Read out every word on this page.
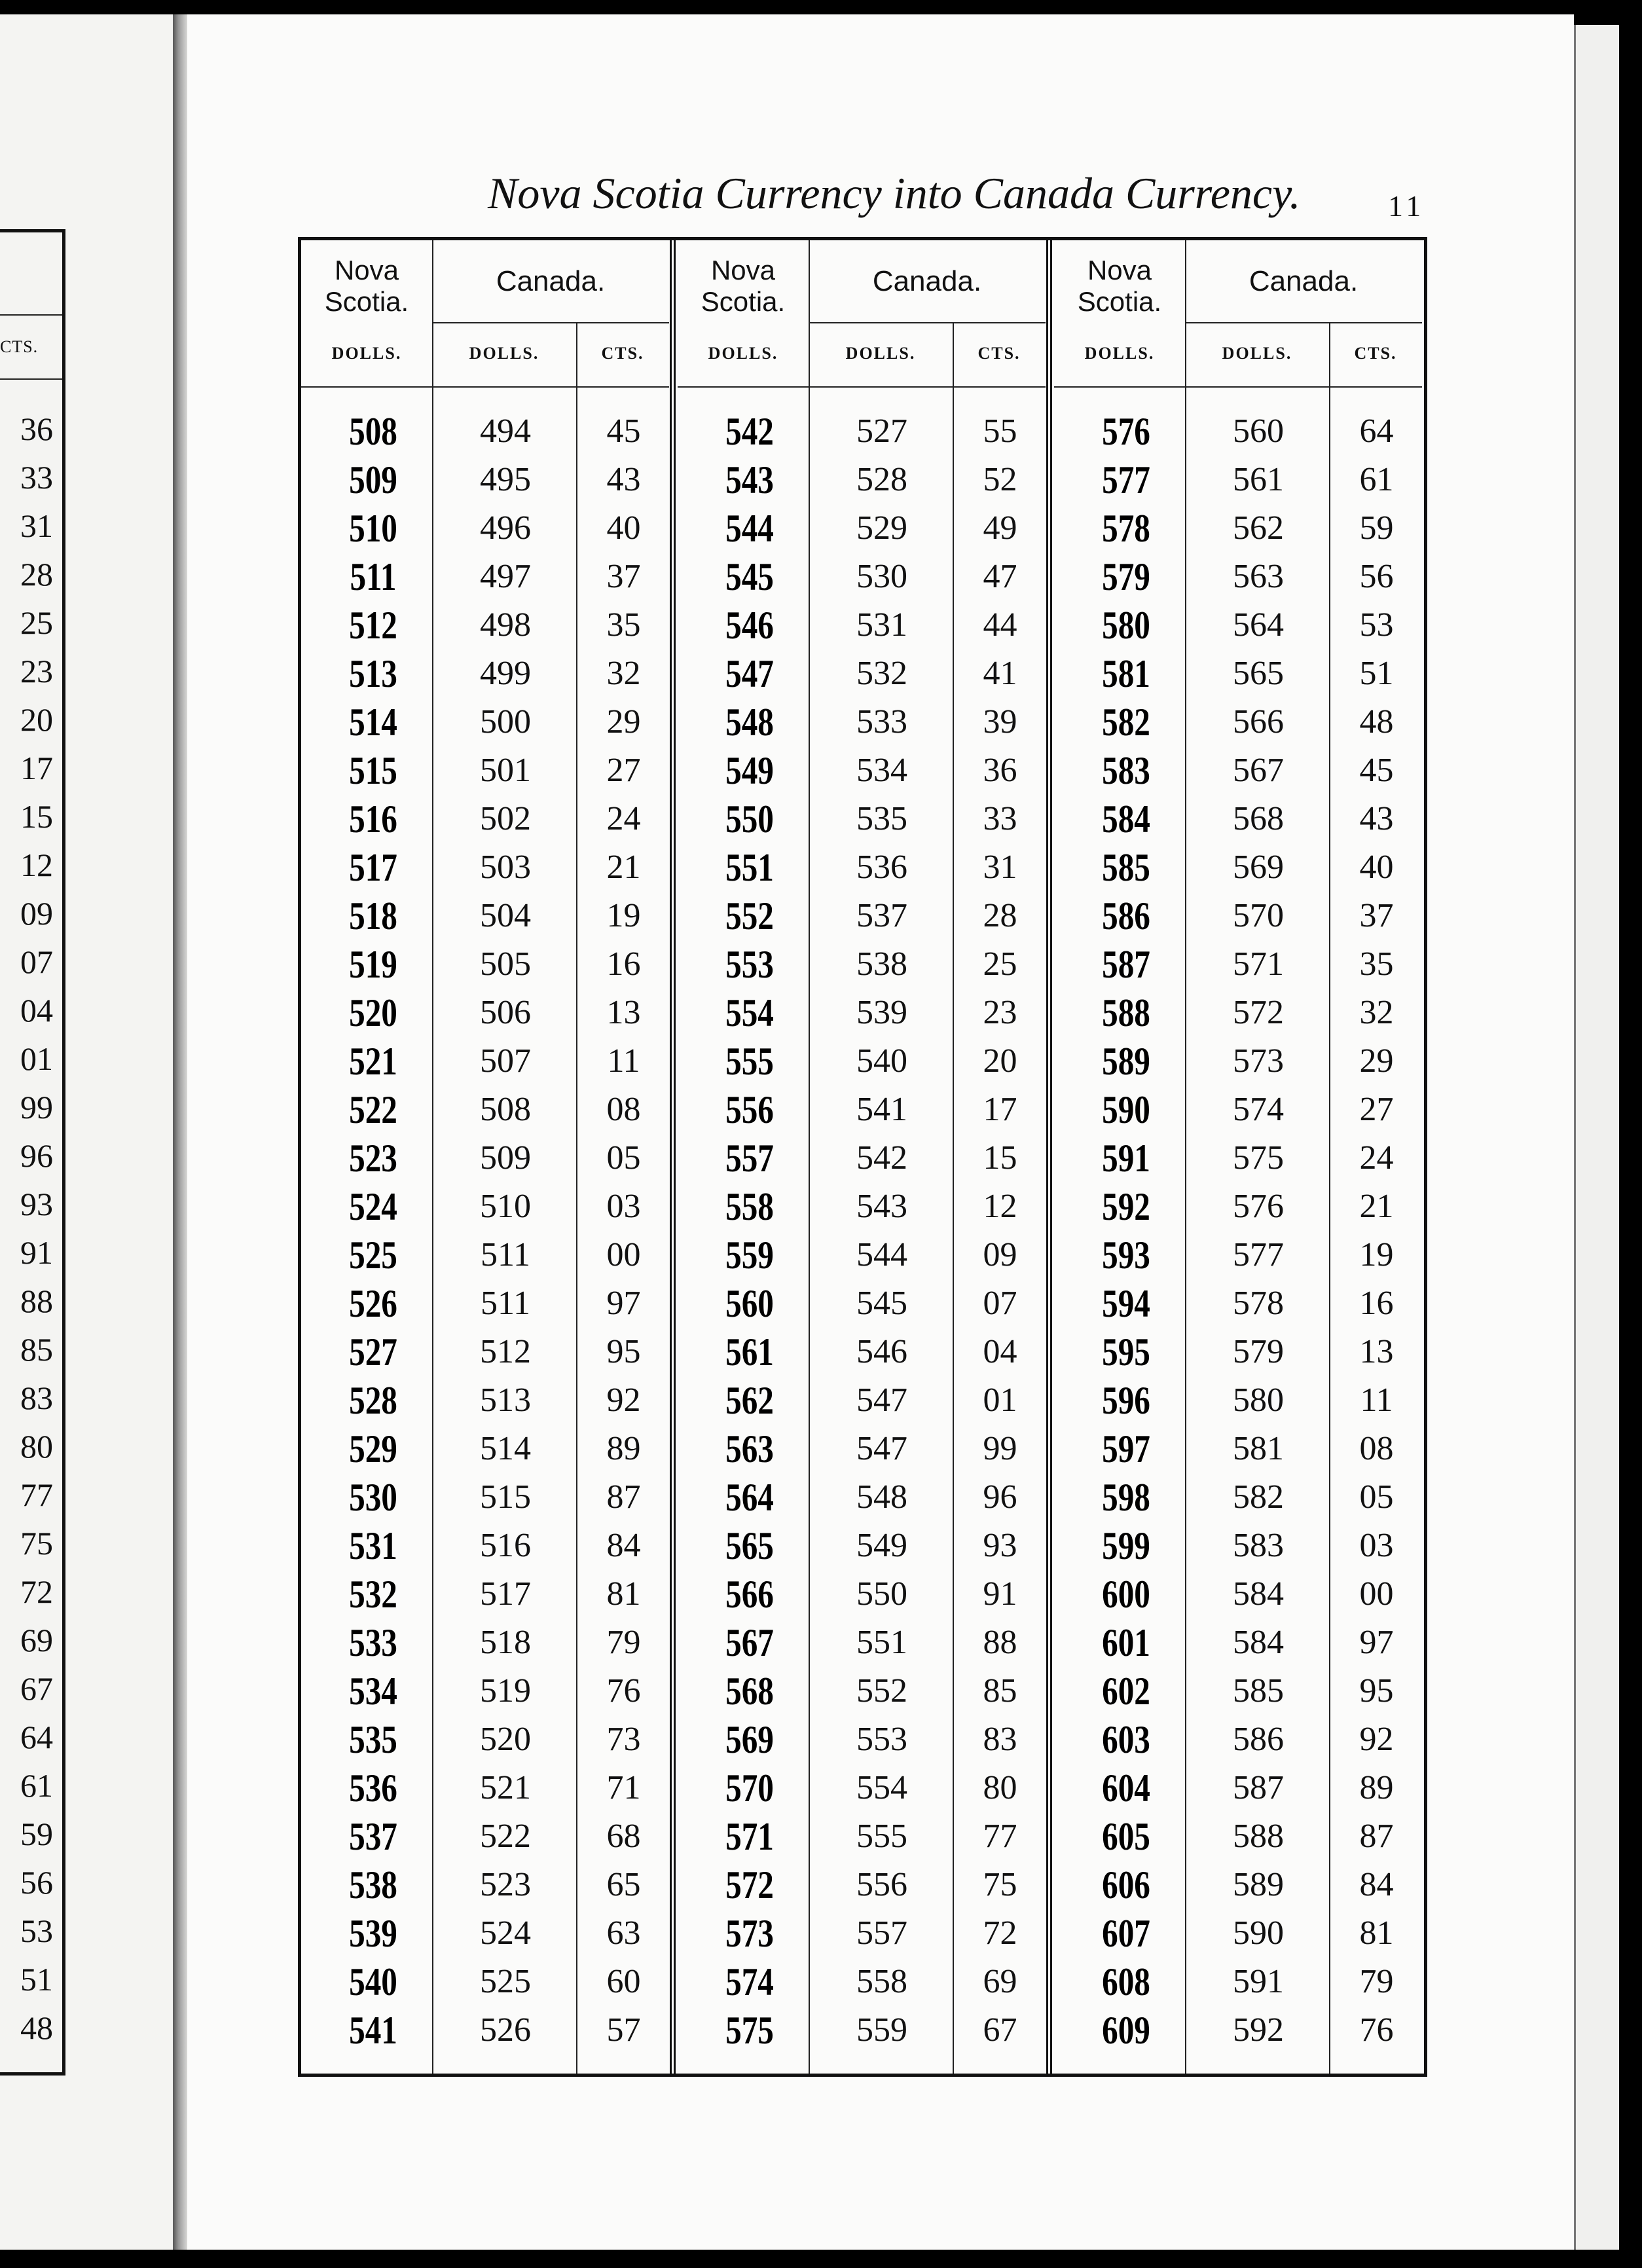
CTS.
36
33
31
28
25
23
20
17
15
12
09
07
04
01
99
96
93
91
88
85
83
80
77
75
72
69
67
64
61
59
56
53
51
48
Nova Scotia Currency into Canada Currency.	11
Nova Scotia.
Canada.
DOLLS.	DOLLS.	CTS.
508	494	45
509	495	43
510	496	40
511	497	37
512	498	35
513	499	32
514	500	29
515	501	27
516	502	24
517	503	21
518	504	19
519	505	16
520	506	13
521	507	11
522	508	08
523	509	05
524	510	03
525	511	00
526	511	97
527	512	95
528	513	92
529	514	89
530	515	87
531	516	84
532	517	81
533	518	79
534	519	76
535	520	73
536	521	71
537	522	68
538	523	65
539	524	63
540	525	60
541	526	57
Nova Scotia.
Canada.
DOLLS.	DOLLS.	CTS.
542	527	55
543	528	52
544	529	49
545	530	47
546	531	44
547	532	41
548	533	39
549	534	36
550	535	33
551	536	31
552	537	28
553	538	25
554	539	23
555	540	20
556	541	17
557	542	15
558	543	12
559	544	09
560	545	07
561	546	04
562	547	01
563	547	99
564	548	96
565	549	93
566	550	91
567	551	88
568	552	85
569	553	83
570	554	80
571	555	77
572	556	75
573	557	72
574	558	69
575	559	67
Nova Scotia.
Canada.
DOLLS.	DOLLS.	CTS.
576	560	64
577	561	61
578	562	59
579	563	56
580	564	53
581	565	51
582	566	48
583	567	45
584	568	43
585	569	40
586	570	37
587	571	35
588	572	32
589	573	29
590	574	27
591	575	24
592	576	21
593	577	19
594	578	16
595	579	13
596	580	11
597	581	08
598	582	05
599	583	03
600	584	00
601	584	97
602	585	95
603	586	92
604	587	89
605	588	87
606	589	84
607	590	81
608	591	79
609	592	76
